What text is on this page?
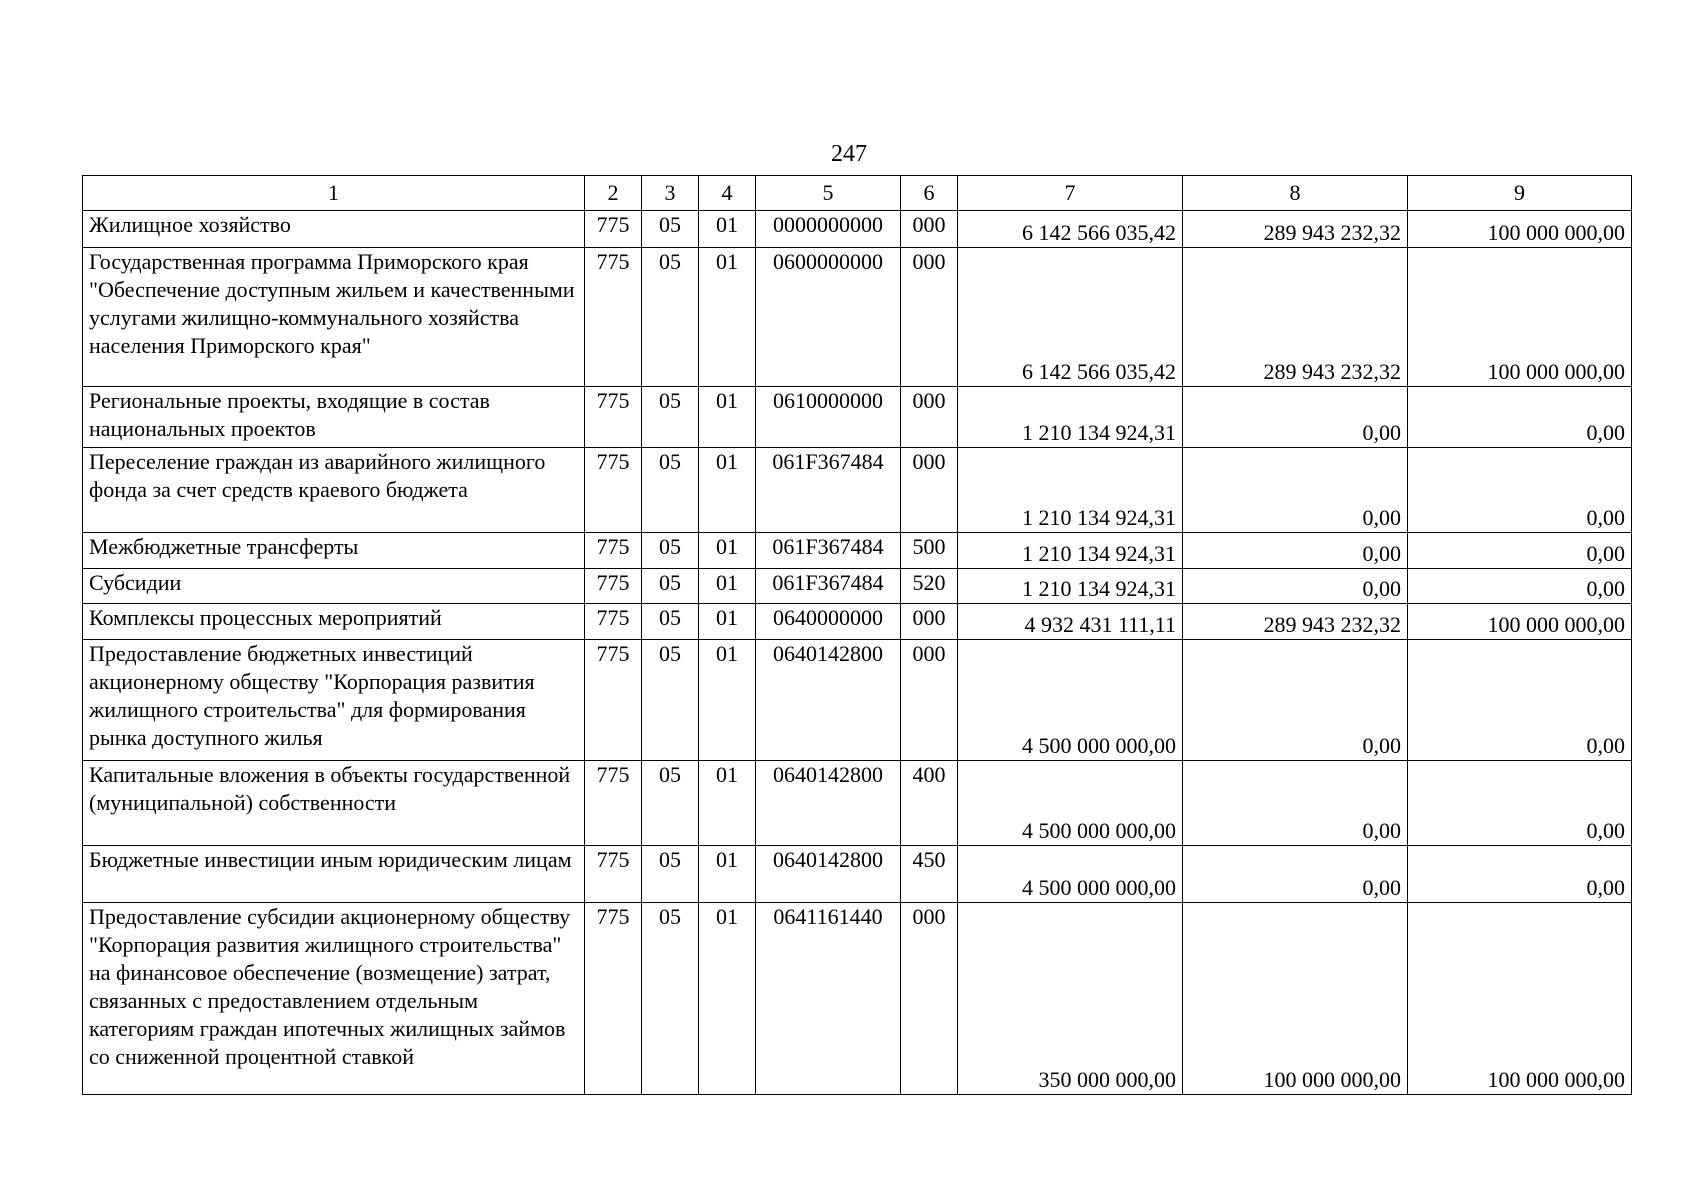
247
1	2	3	4	5	6	7	8	9
Жилищное хозяйство	775	05	01	0000000000	000	6 142 566 035,42	289 943 232,32	100 000 000,00
Государственная программа Приморского края "Обеспечение доступным жильем и качественными услугами жилищно-коммунального хозяйства населения Приморского края"	775	05	01	0600000000	000	6 142 566 035,42	289 943 232,32	100 000 000,00
Региональные проекты, входящие в состав национальных проектов	775	05	01	0610000000	000	1 210 134 924,31	0,00	0,00
Переселение граждан из аварийного жилищного фонда за счет средств краевого бюджета	775	05	01	061F367484	000	1 210 134 924,31	0,00	0,00
Межбюджетные трансферты	775	05	01	061F367484	500	1 210 134 924,31	0,00	0,00
Субсидии	775	05	01	061F367484	520	1 210 134 924,31	0,00	0,00
Комплексы процессных мероприятий	775	05	01	0640000000	000	4 932 431 111,11	289 943 232,32	100 000 000,00
Предоставление бюджетных инвестиций акционерному обществу "Корпорация развития жилищного строительства" для формирования рынка доступного жилья	775	05	01	0640142800	000	4 500 000 000,00	0,00	0,00
Капитальные вложения в объекты государственной (муниципальной) собственности	775	05	01	0640142800	400	4 500 000 000,00	0,00	0,00
Бюджетные инвестиции иным юридическим лицам	775	05	01	0640142800	450	4 500 000 000,00	0,00	0,00
Предоставление субсидии акционерному обществу "Корпорация развития жилищного строительства" на финансовое обеспечение (возмещение) затрат, связанных с предоставлением отдельным категориям граждан ипотечных жилищных займов со сниженной процентной ставкой	775	05	01	0641161440	000	350 000 000,00	100 000 000,00	100 000 000,00
